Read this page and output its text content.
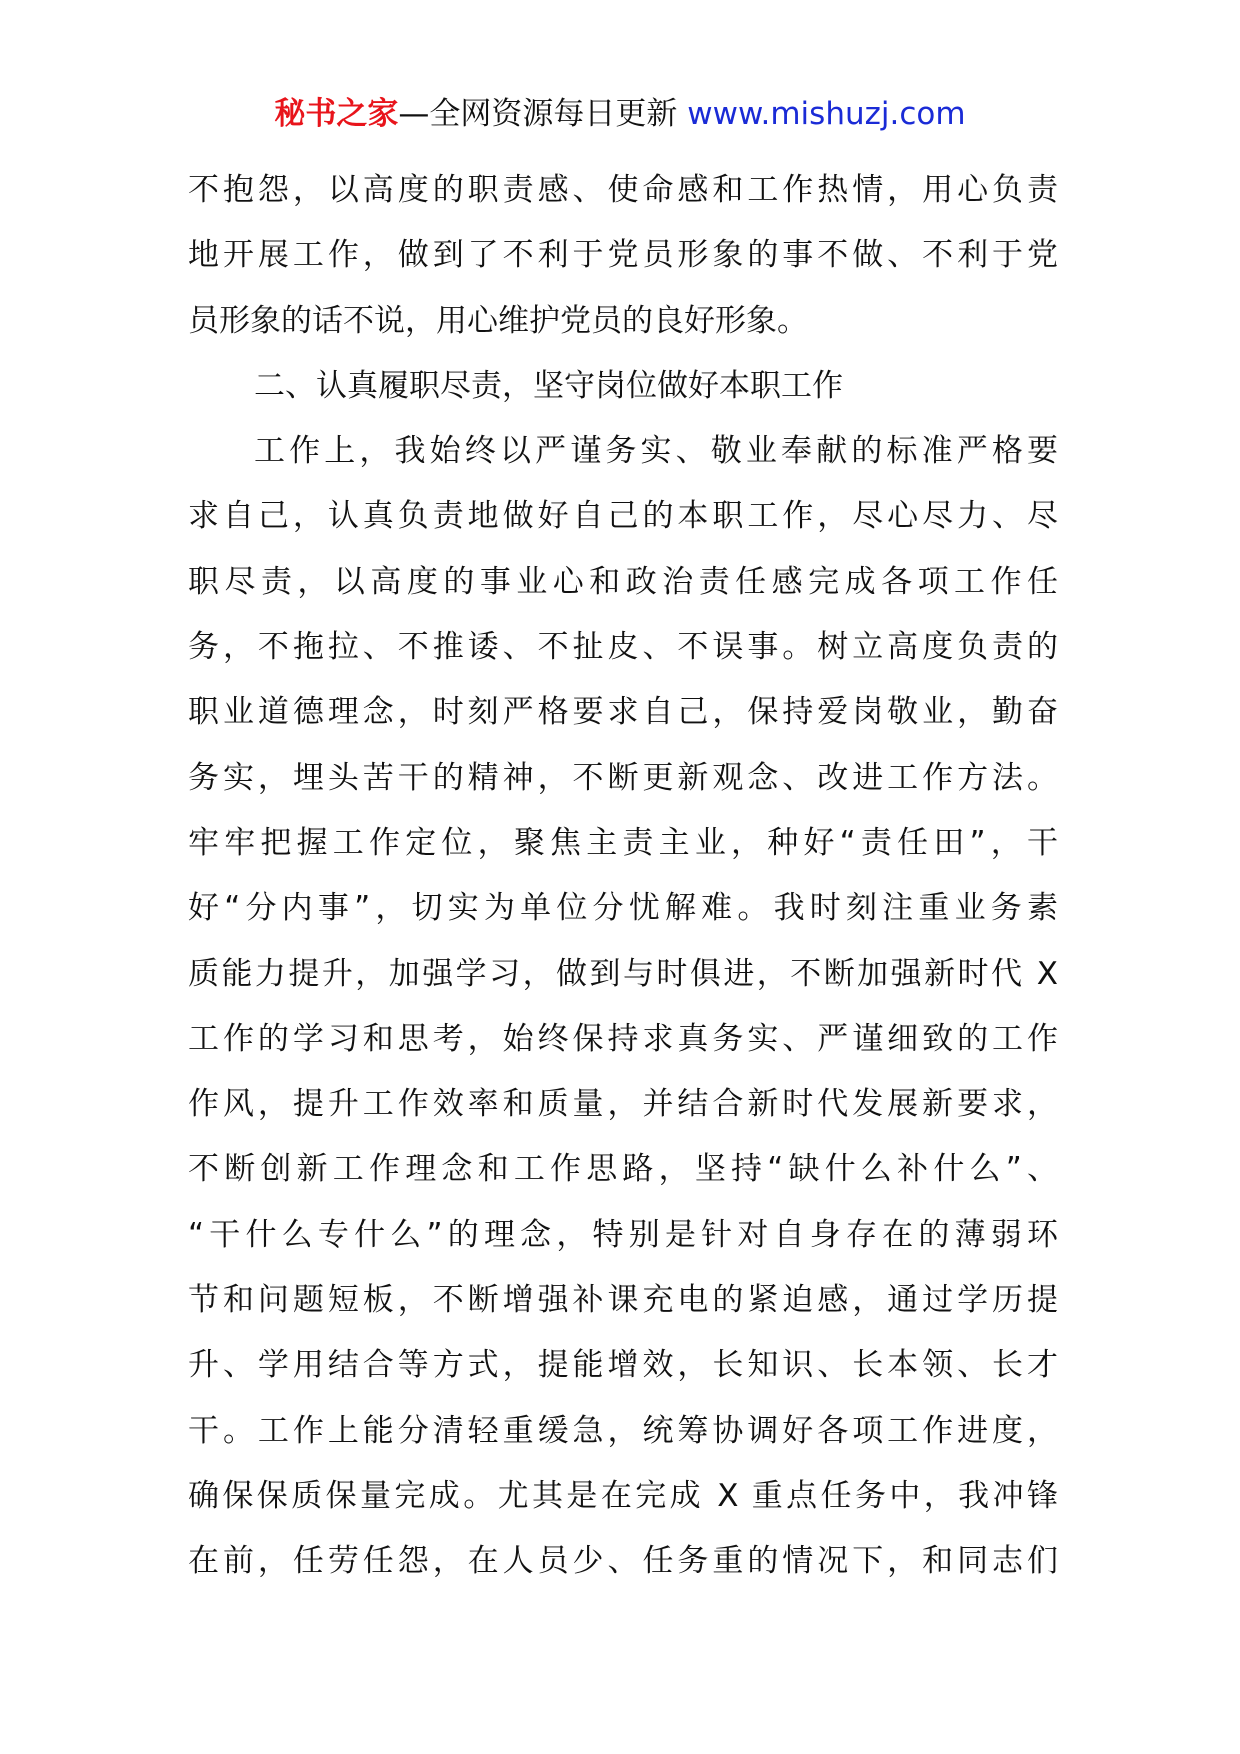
秘书之家—全网资源每日更新 www.mishuzj.com
不抱怨，以高度的职责感、使命感和工作热情，用心负责
地开展工作，做到了不利于党员形象的事不做、不利于党
员形象的话不说，用心维护党员的良好形象。
二、认真履职尽责，坚守岗位做好本职工作
工作上，我始终以严谨务实、敬业奉献的标准严格要
求自己，认真负责地做好自己的本职工作，尽心尽力、尽
职尽责，以高度的事业心和政治责任感完成各项工作任
务，不拖拉、不推诿、不扯皮、不误事。树立高度负责的
职业道德理念，时刻严格要求自己，保持爱岗敬业，勤奋
务实，埋头苦干的精神，不断更新观念、改进工作方法。
牢牢把握工作定位，聚焦主责主业，种好“责任田”，干
好“分内事”，切实为单位分忧解难。我时刻注重业务素
质能力提升，加强学习，做到与时俱进，不断加强新时代 X
工作的学习和思考，始终保持求真务实、严谨细致的工作
作风，提升工作效率和质量，并结合新时代发展新要求，
不断创新工作理念和工作思路，坚持“缺什么补什么”、
“干什么专什么”的理念，特别是针对自身存在的薄弱环
节和问题短板，不断增强补课充电的紧迫感，通过学历提
升、学用结合等方式，提能增效，长知识、长本领、长才
干。工作上能分清轻重缓急，统筹协调好各项工作进度，
确保保质保量完成。尤其是在完成 X 重点任务中，我冲锋
在前，任劳任怨，在人员少、任务重的情况下，和同志们
